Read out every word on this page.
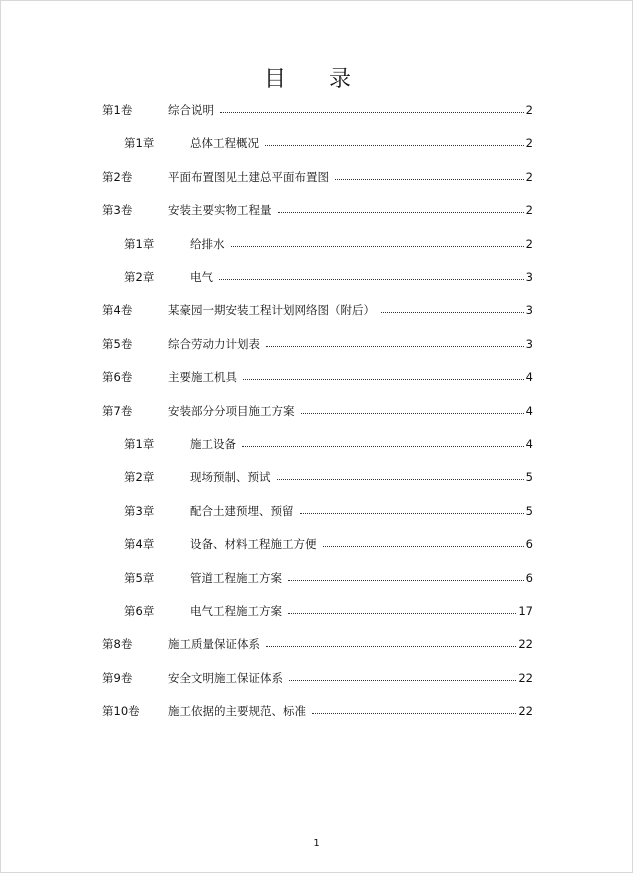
目 录
第1卷	综合说明	2
第1章	总体工程概况	2
第2卷	平面布置图见土建总平面布置图	2
第3卷	安装主要实物工程量	2
第1章	给排水	2
第2章	电气	3
第4卷	某豪园一期安装工程计划网络图（附后）	3
第5卷	综合劳动力计划表	3
第6卷	主要施工机具	4
第7卷	安装部分分项目施工方案	4
第1章	施工设备	4
第2章	现场预制、预试	5
第3章	配合土建预埋、预留	5
第4章	设备、材料工程施工方便	6
第5章	管道工程施工方案	6
第6章	电气工程施工方案	17
第8卷	施工质量保证体系	22
第9卷	安全文明施工保证体系	22
第10卷 施工依据的主要规范、标准	22
1
